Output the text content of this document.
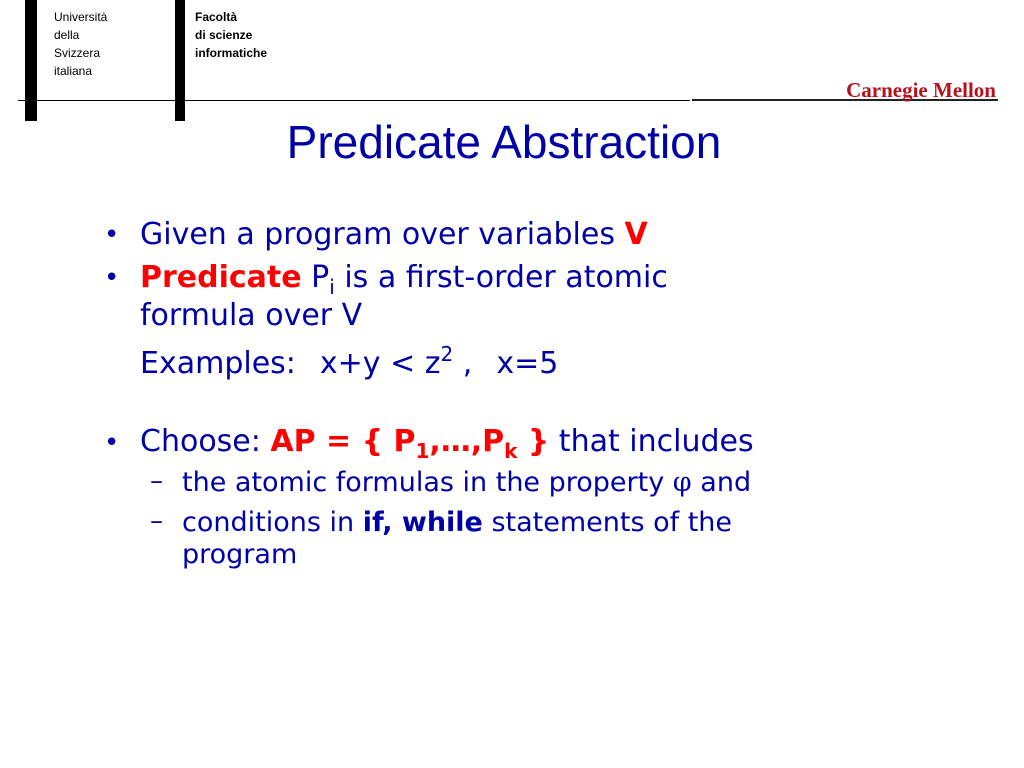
Università
della
Svizzera
italiana
Facoltà
di scienze
informatiche
Carnegie Mellon
Predicate Abstraction
• Given a program over variables V
• Predicate $P_i$ is a first-order atomic
formula over V
Examples: $x+y < z^2$ , x=5
• Choose: AP = { $P_1,\dots,P_k$ } that includes
– the atomic formulas in the property φ and
– conditions in if, while statements of the
program
